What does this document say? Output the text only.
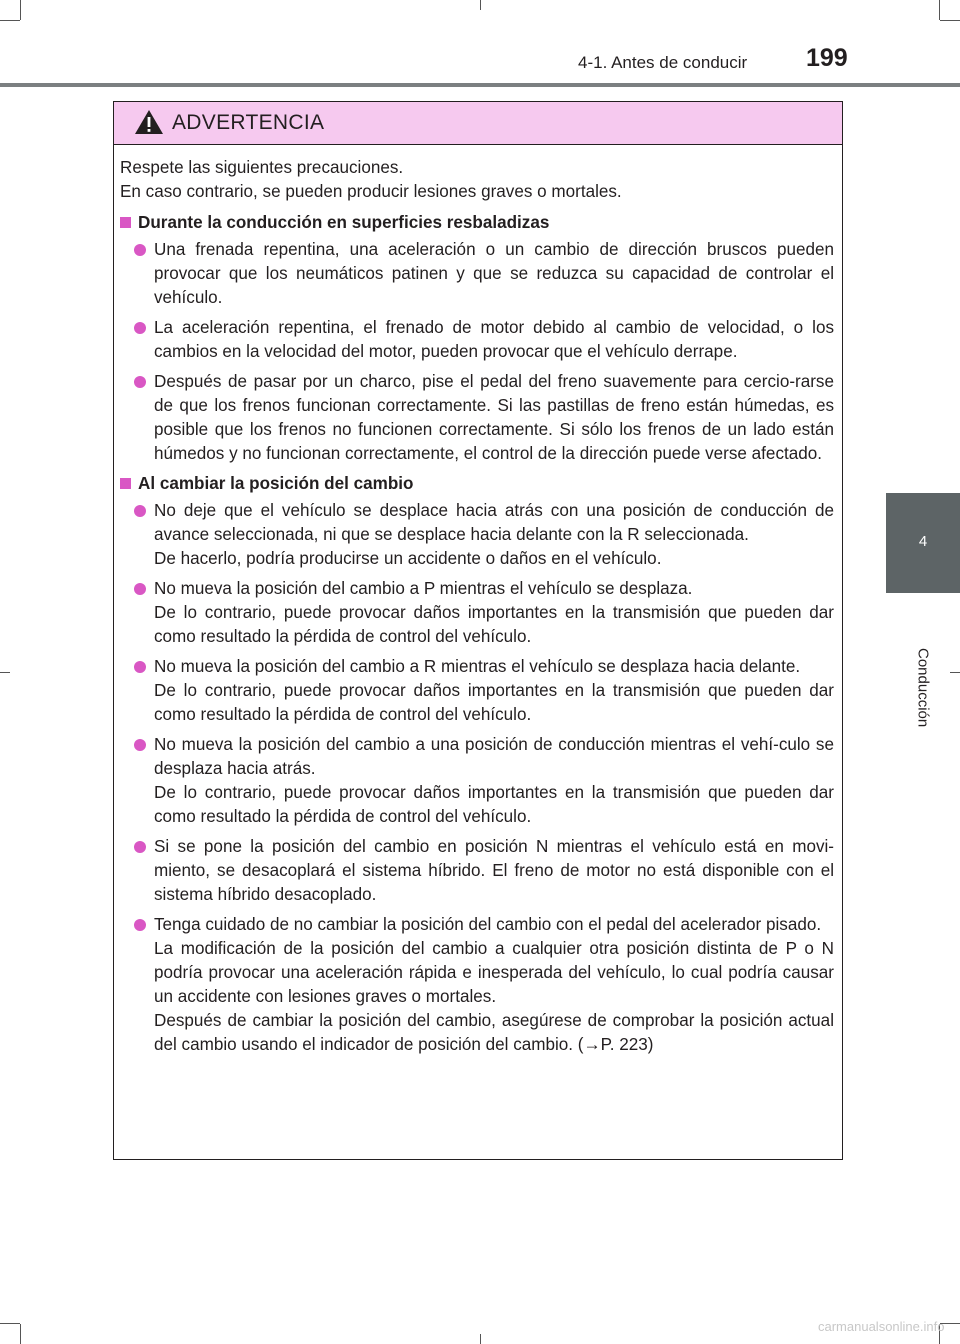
4-1. Antes de conducir 199
4
Conducción
ADVERTENCIA
Respete las siguientes precauciones.
En caso contrario, se pueden producir lesiones graves o mortales.
Durante la conducción en superficies resbaladizas
Una frenada repentina, una aceleración o un cambio de dirección bruscos pueden provocar que los neumáticos patinen y que se reduzca su capacidad de controlar el vehículo.
La aceleración repentina, el frenado de motor debido al cambio de velocidad, o los cambios en la velocidad del motor, pueden provocar que el vehículo derrape.
Después de pasar por un charco, pise el pedal del freno suavemente para cercio-rarse de que los frenos funcionan correctamente. Si las pastillas de freno están húmedas, es posible que los frenos no funcionen correctamente. Si sólo los frenos de un lado están húmedos y no funcionan correctamente, el control de la dirección puede verse afectado.
Al cambiar la posición del cambio
No deje que el vehículo se desplace hacia atrás con una posición de conducción de avance seleccionada, ni que se desplace hacia delante con la R seleccionada.
De hacerlo, podría producirse un accidente o daños en el vehículo.
No mueva la posición del cambio a P mientras el vehículo se desplaza.
De lo contrario, puede provocar daños importantes en la transmisión que pueden dar como resultado la pérdida de control del vehículo.
No mueva la posición del cambio a R mientras el vehículo se desplaza hacia delante.
De lo contrario, puede provocar daños importantes en la transmisión que pueden dar como resultado la pérdida de control del vehículo.
No mueva la posición del cambio a una posición de conducción mientras el vehí-culo se desplaza hacia atrás.
De lo contrario, puede provocar daños importantes en la transmisión que pueden dar como resultado la pérdida de control del vehículo.
Si se pone la posición del cambio en posición N mientras el vehículo está en movi-miento, se desacoplará el sistema híbrido. El freno de motor no está disponible con el sistema híbrido desacoplado.
Tenga cuidado de no cambiar la posición del cambio con el pedal del acelerador pisado.
La modificación de la posición del cambio a cualquier otra posición distinta de P o N podría provocar una aceleración rápida e inesperada del vehículo, lo cual podría causar un accidente con lesiones graves o mortales.
Después de cambiar la posición del cambio, asegúrese de comprobar la posición actual del cambio usando el indicador de posición del cambio. (→P. 223)
carmanualsonline.info
